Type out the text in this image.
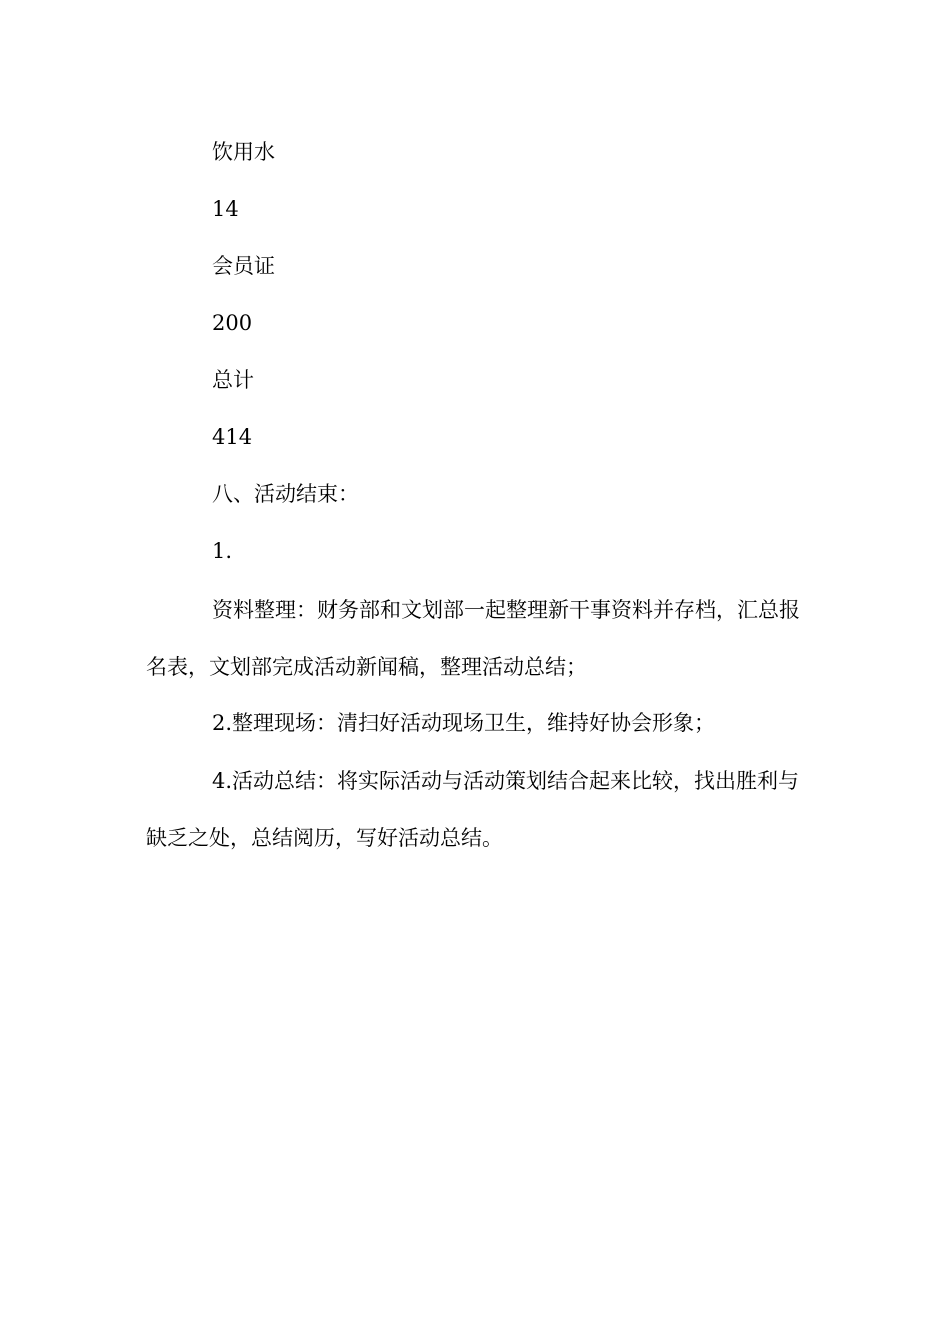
饮用水
14
会员证
200
总计
414
八、活动结束：
1.
资料整理：财务部和文划部一起整理新干事资料并存档，汇总报名表，文划部完成活动新闻稿，整理活动总结；
2.整理现场：清扫好活动现场卫生，维持好协会形象；
4.活动总结：将实际活动与活动策划结合起来比较，找出胜利与缺乏之处，总结阅历，写好活动总结。
